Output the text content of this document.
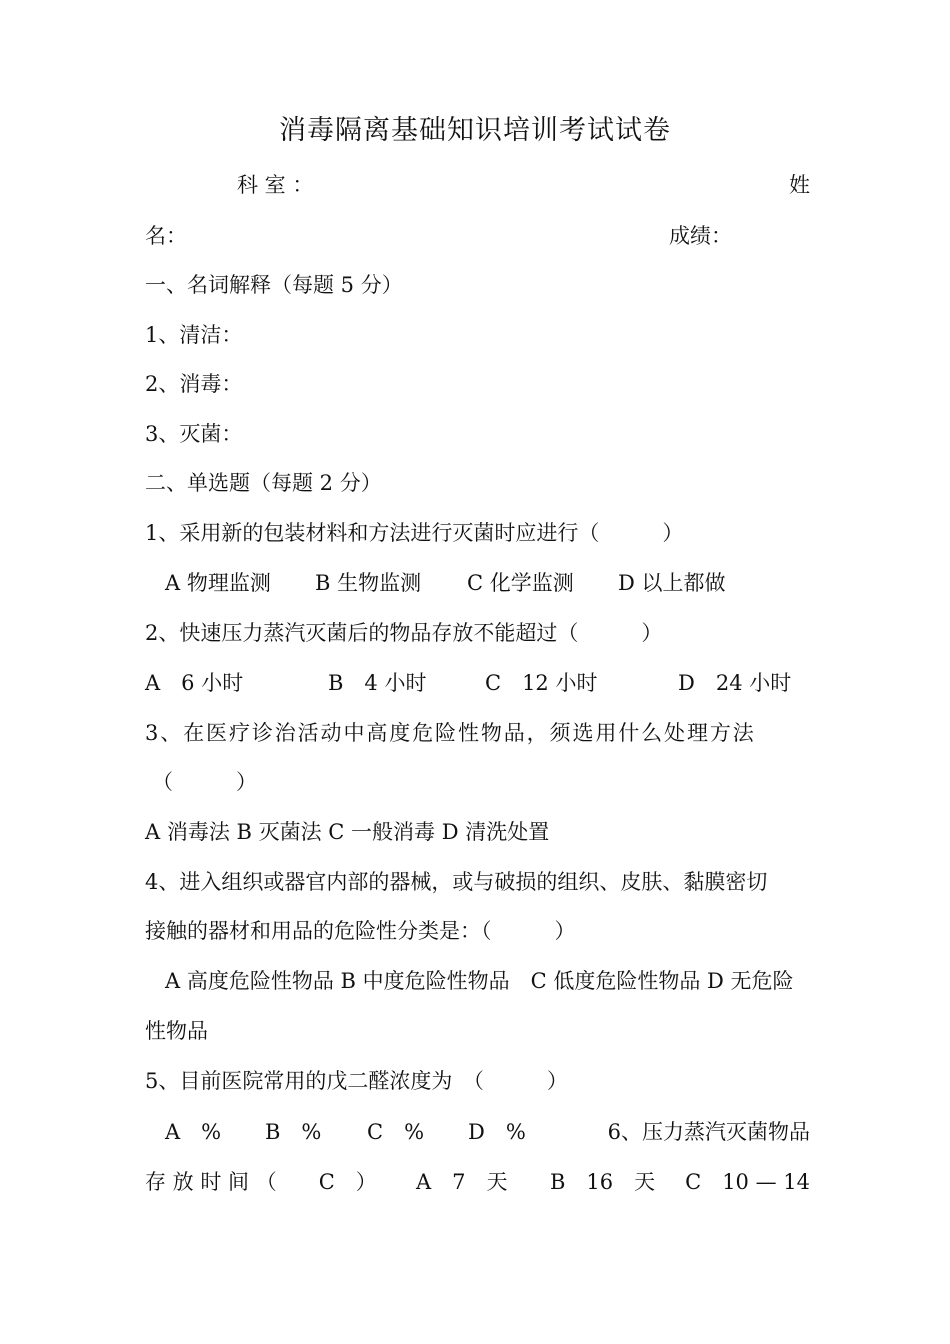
消毒隔离基础知识培训考试试卷
科 室 ：	姓
名：	成绩：
一、名词解释（每题 5 分）
1、清洁：
2、消毒：
3、灭菌：
二、单选题（每题 2 分）
1、采用新的包装材料和方法进行灭菌时应进行（　　　）
A 物理监测 B 生物监测 C 化学监测 D 以上都做
2、快速压力蒸汽灭菌后的物品存放不能超过（　　　）
A　6 小时	B　4 小时	C　12 小时	D　24 小时
3、在医疗诊治活动中高度危险性物品，须选用什么处理方法
（　　　）
A 消毒法 B 灭菌法 C 一般消毒 D 清洗处置
4、进入组织或器官内部的器械，或与破损的组织、皮肤、黏膜密切
接触的器材和用品的危险性分类是：（　　　）
A 高度危险性物品 B 中度危险性物品　C 低度危险性物品 D 无危险
性物品
5、目前医院常用的戊二醛浓度为　（　　　）
A　% B　% C　% D　%	6、压力蒸汽灭菌物品
存 放 时 间 （　　C　） A　7　天 B　16　天 C　10 — 14
